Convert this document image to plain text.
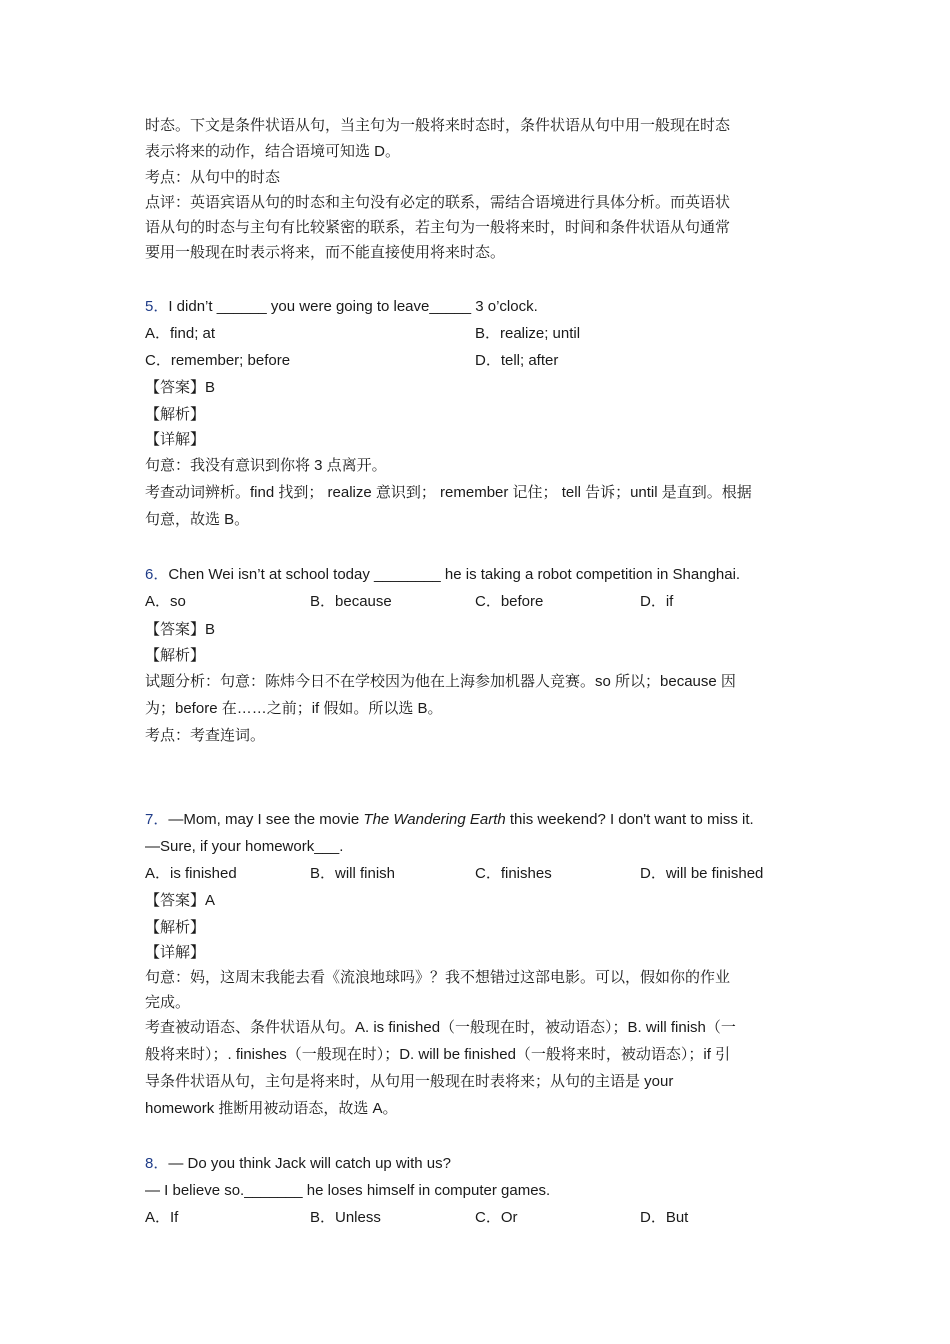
时态。下文是条件状语从句，当主句为一般将来时态时，条件状语从句中用一般现在时态
表示将来的动作，结合语境可知选 D。
考点：从句中的时态
点评：英语宾语从句的时态和主句没有必定的联系，需结合语境进行具体分析。而英语状
语从句的时态与主句有比较紧密的联系，若主句为一般将来时，时间和条件状语从句通常
要用一般现在时表示将来，而不能直接使用将来时态。
5．I didn’t ______ you were going to leave_____ 3 o’clock.
A．find; at	B．realize; until
C．remember; before	D．tell; after
【答案】B
【解析】
【详解】
句意：我没有意识到你将 3 点离开。
考查动词辨析。find 找到； realize 意识到； remember 记住； tell 告诉；until 是直到。根据
句意，故选 B。
6．Chen Wei isn’t at school today ________ he is taking a robot competition in Shanghai.
A．so	B．because	C．before	D．if
【答案】B
【解析】
试题分析：句意：陈炜今日不在学校因为他在上海参加机器人竞赛。so 所以；because 因
为；before 在……之前；if 假如。所以选 B。
考点：考查连词。
7．—Mom, may I see the movie The Wandering Earth this weekend? I don't want to miss it.
—Sure, if your homework___.
A．is finished	B．will finish	C．finishes	D．will be finished
【答案】A
【解析】
【详解】
句意：妈，这周末我能去看《流浪地球吗》？我不想错过这部电影。可以，假如你的作业
完成。
考查被动语态、条件状语从句。A. is finished（一般现在时，被动语态）；B. will finish（一
般将来时）；. finishes（一般现在时）；D. will be finished（一般将来时，被动语态）；if 引
导条件状语从句，主句是将来时，从句用一般现在时表将来；从句的主语是 your
homework 推断用被动语态，故选 A。
8．— Do you think Jack will catch up with us?
— I believe so._______ he loses himself in computer games.
A．If	B．Unless	C．Or	D．But
